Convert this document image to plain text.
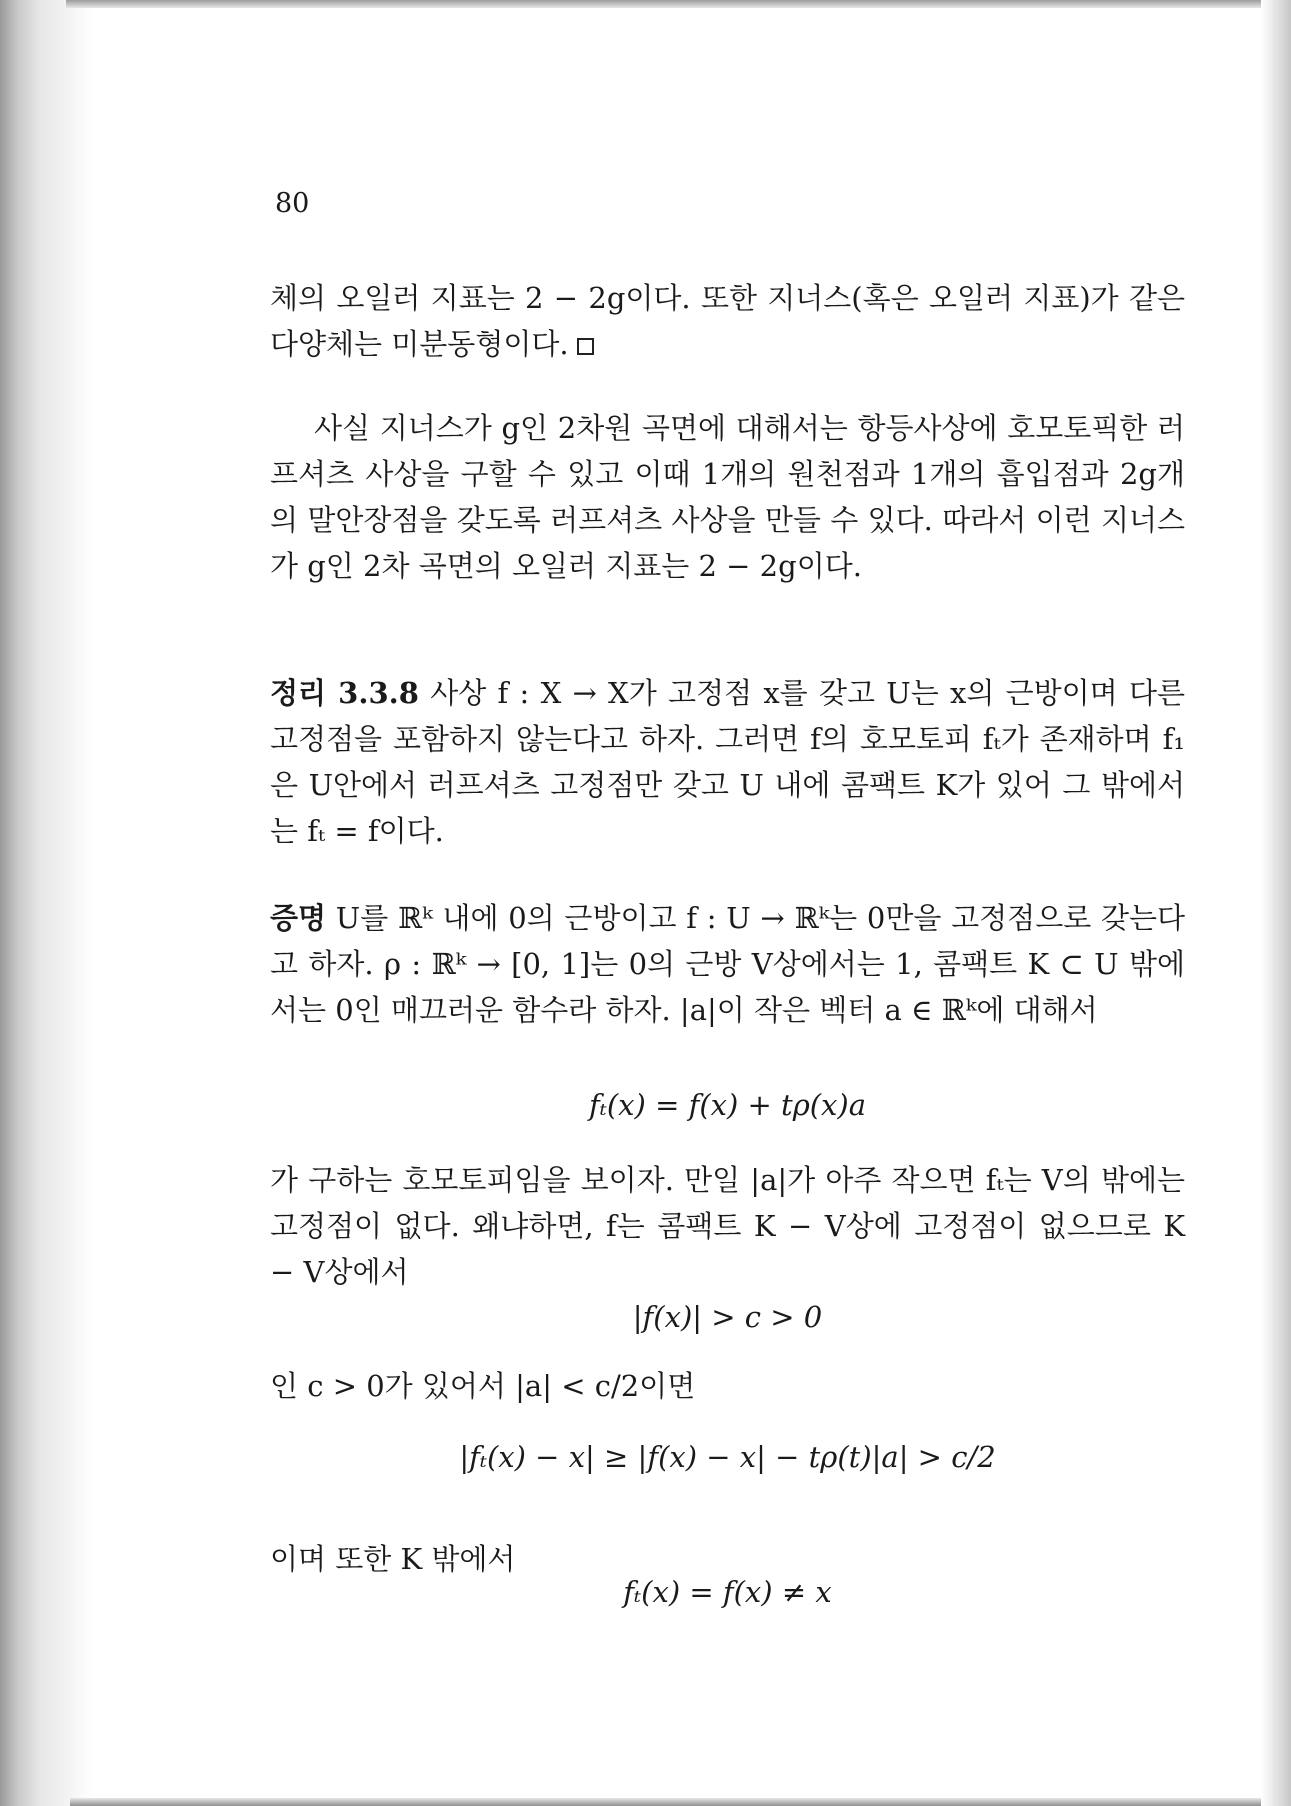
80

체의 오일러 지표는 2 − 2g이다. 또한 지너스(혹은 오일러 지표)가 같은 다양체는 미분동형이다.

사실 지너스가 g인 2차원 곡면에 대해서는 항등사상에 호모토픽한 러프셔츠 사상을 구할 수 있고 이때 1개의 원천점과 1개의 흡입점과 2g개의 말안장점을 갖도록 러프셔츠 사상을 만들 수 있다. 따라서 이런 지너스가 g인 2차 곡면의 오일러 지표는 2 − 2g이다.

정리 3.3.8 사상 f : X → X가 고정점 x를 갖고 U는 x의 근방이며 다른 고정점을 포함하지 않는다고 하자. 그러면 f의 호모토피 fₜ가 존재하며 f₁은 U안에서 러프셔츠 고정점만 갖고 U 내에 콤팩트 K가 있어 그 밖에서는 fₜ = f이다.

증명 U를 ℝᵏ 내에 0의 근방이고 f : U → ℝᵏ는 0만을 고정점으로 갖는다고 하자. ρ : ℝᵏ → [0, 1]는 0의 근방 V상에서는 1, 콤팩트 K ⊂ U 밖에서는 0인 매끄러운 함수라 하자. |a|이 작은 벡터 a ∈ ℝᵏ에 대해서

fₜ(x) = f(x) + tρ(x)a

가 구하는 호모토피임을 보이자. 만일 |a|가 아주 작으면 fₜ는 V의 밖에는 고정점이 없다. 왜냐하면, f는 콤팩트 K − V상에 고정점이 없으므로 K − V상에서

|f(x)| > c > 0

인 c > 0가 있어서 |a| < c/2이면

|fₜ(x) − x| ≥ |f(x) − x| − tρ(t)|a| > c/2

이며 또한 K 밖에서

fₜ(x) = f(x) ≠ x
